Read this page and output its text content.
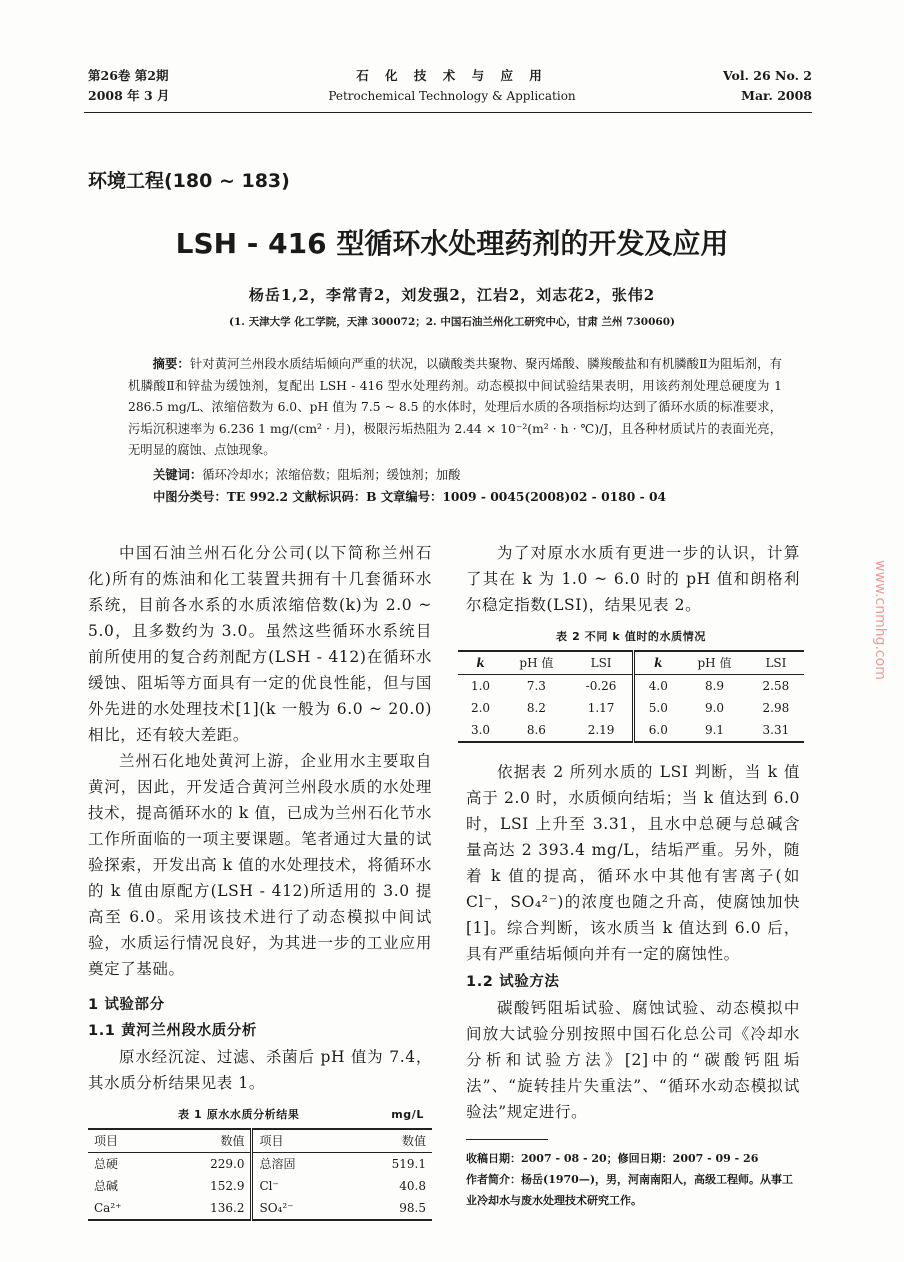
第26卷 第2期
2008 年 3 月
石 化 技 术 与 应 用
Petrochemical Technology & Application
Vol. 26 No. 2
Mar. 2008
环境工程(180 ~ 183)
LSH - 416 型循环水处理药剂的开发及应用
杨岳1,2，李常青2，刘发强2，江岩2，刘志花2，张伟2
(1. 天津大学 化工学院，天津 300072；2. 中国石油兰州化工研究中心，甘肃 兰州 730060)
摘要：针对黄河兰州段水质结垢倾向严重的状况，以磺酸类共聚物、聚丙烯酸、膦羧酸盐和有机膦酸Ⅱ为阻垢剂，有机膦酸Ⅱ和锌盐为缓蚀剂，复配出 LSH - 416 型水处理药剂。动态模拟中间试验结果表明，用该药剂处理总硬度为 1 286.5 mg/L、浓缩倍数为 6.0、pH 值为 7.5 ~ 8.5 的水体时，处理后水质的各项指标均达到了循环水质的标准要求，污垢沉积速率为 6.236 1 mg/(cm² · 月)，极限污垢热阻为 2.44 × 10⁻²(m² · h · ℃)/J，且各种材质试片的表面光亮，无明显的腐蚀、点蚀现象。
关键词：循环冷却水；浓缩倍数；阻垢剂；缓蚀剂；加酸
中图分类号：TE 992.2 文献标识码：B 文章编号：1009 - 0045(2008)02 - 0180 - 04

中国石油兰州石化分公司(以下简称兰州石化)所有的炼油和化工装置共拥有十几套循环水系统，目前各水系的水质浓缩倍数(k)为 2.0 ~ 5.0，且多数约为 3.0。虽然这些循环水系统目前所使用的复合药剂配方(LSH - 412)在循环水缓蚀、阻垢等方面具有一定的优良性能，但与国外先进的水处理技术[1](k 一般为 6.0 ~ 20.0)相比，还有较大差距。

兰州石化地处黄河上游，企业用水主要取自黄河，因此，开发适合黄河兰州段水质的水处理技术，提高循环水的 k 值，已成为兰州石化节水工作所面临的一项主要课题。笔者通过大量的试验探索，开发出高 k 值的水处理技术，将循环水的 k 值由原配方(LSH - 412)所适用的 3.0 提高至 6.0。采用该技术进行了动态模拟中间试验，水质运行情况良好，为其进一步的工业应用奠定了基础。

1 试验部分
1.1 黄河兰州段水质分析

原水经沉淀、过滤、杀菌后 pH 值为 7.4，其水质分析结果见表 1。

表 1 原水水质分析结果	mg/L
项目	数值	项目	数值
总硬	229.0	总溶固	519.1
总碱	152.9	Cl⁻	40.8
Ca²⁺	136.2	SO₄²⁻	98.5

为了对原水水质有更进一步的认识，计算了其在 k 为 1.0 ~ 6.0 时的 pH 值和朗格利尔稳定指数(LSI)，结果见表 2。

表 2 不同 k 值时的水质情况
k	pH 值	LSI	k	pH 值	LSI
1.0	7.3	-0.26	4.0	8.9	2.58
2.0	8.2	1.17	5.0	9.0	2.98
3.0	8.6	2.19	6.0	9.1	3.31

依据表 2 所列水质的 LSI 判断，当 k 值高于 2.0 时，水质倾向结垢；当 k 值达到 6.0 时，LSI 上升至 3.31，且水中总硬与总碱含量高达 2 393.4 mg/L，结垢严重。另外，随着 k 值的提高，循环水中其他有害离子(如 Cl⁻，SO₄²⁻)的浓度也随之升高，使腐蚀加快[1]。综合判断，该水质当 k 值达到 6.0 后，具有严重结垢倾向并有一定的腐蚀性。

1.2 试验方法

碳酸钙阻垢试验、腐蚀试验、动态模拟中间放大试验分别按照中国石化总公司《冷却水分析和试验方法》[2]中的“碳酸钙阻垢法”、“旋转挂片失重法”、“循环水动态模拟试验法”规定进行。

收稿日期：2007 - 08 - 20；修回日期：2007 - 09 - 26
作者简介：杨岳(1970—)，男，河南南阳人，高级工程师。从事工业冷却水与废水处理技术研究工作。
www.cnmhg.com
